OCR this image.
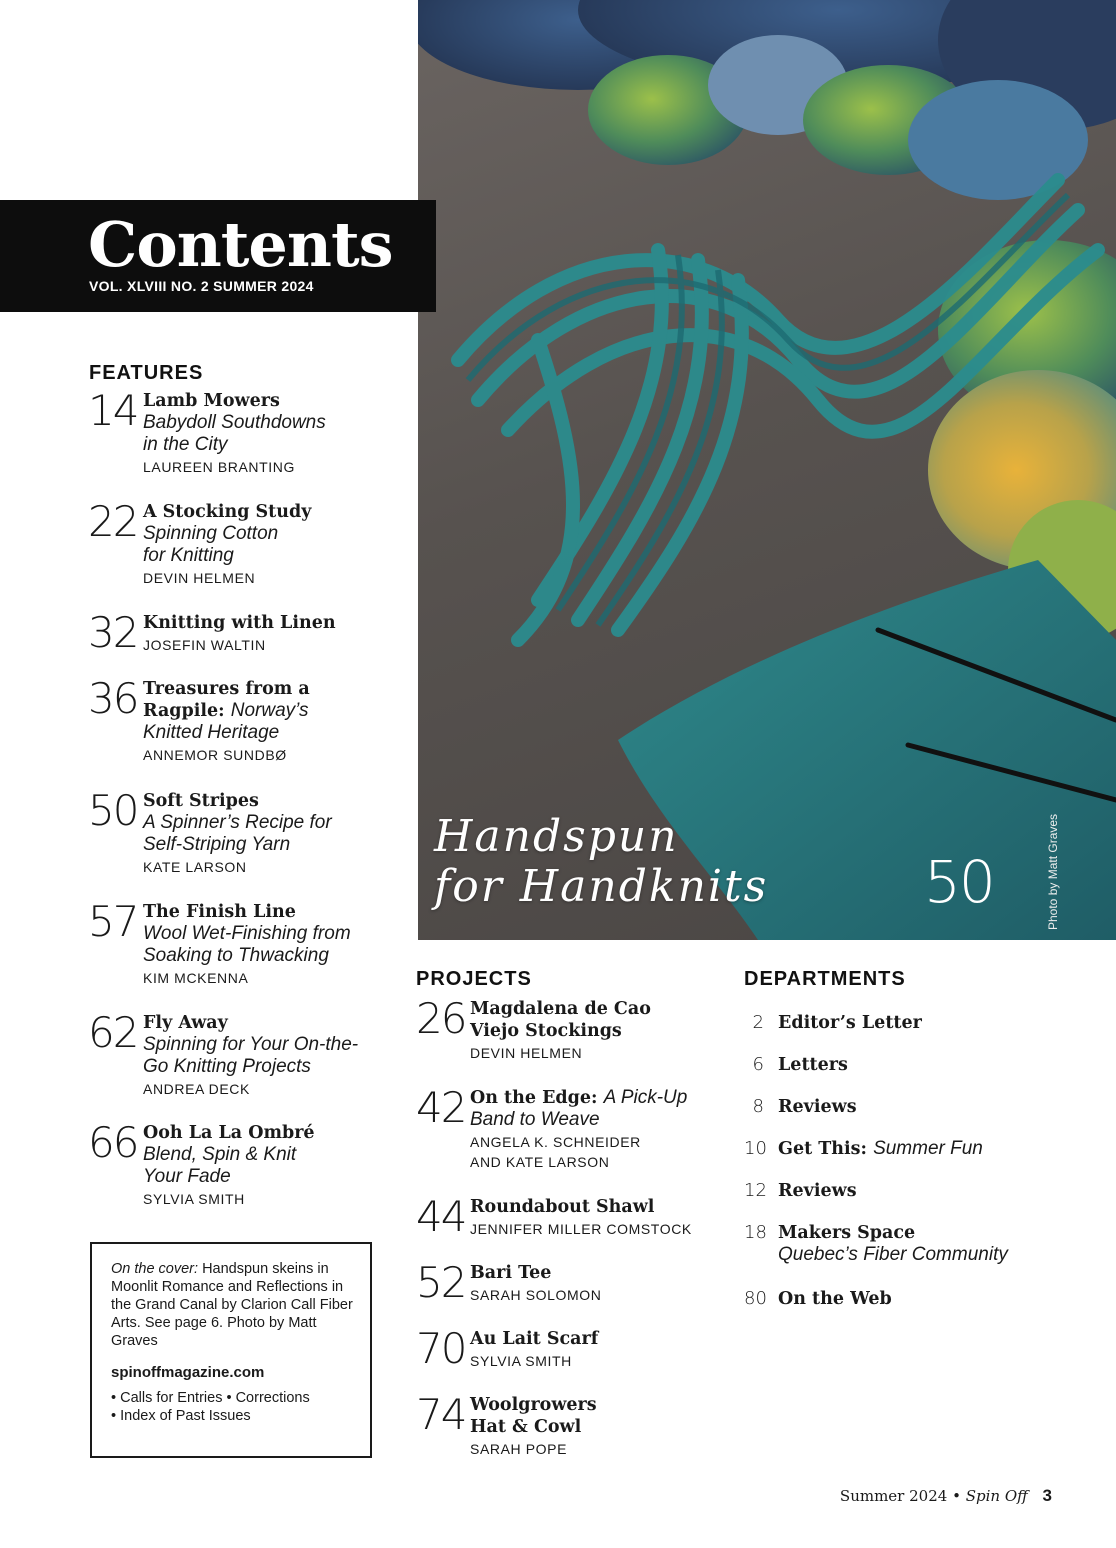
Handspun
for Handknits	50	Photo by Matt Graves
Contents
VOL. XLVIII NO. 2 SUMMER 2024
FEATURES
14 Lamb Mowers
Babydoll Southdowns in the City
LAUREEN BRANTING
22 A Stocking Study
Spinning Cotton for Knitting
DEVIN HELMEN
32 Knitting with Linen
JOSEFIN WALTIN
36 Treasures from a Ragpile: Norway’s Knitted Heritage
ANNEMOR SUNDBØ
50 Soft Stripes
A Spinner’s Recipe for Self-Striping Yarn
KATE LARSON
57 The Finish Line
Wool Wet-Finishing from Soaking to Thwacking
KIM MCKENNA
62 Fly Away
Spinning for Your On-the-Go Knitting Projects
ANDREA DECK
66 Ooh La La Ombré
Blend, Spin & Knit Your Fade
SYLVIA SMITH
On the cover: Handspun skeins in Moonlit Romance and Reflections in the Grand Canal by Clarion Call Fiber Arts. See page 6. Photo by Matt Graves
spinoffmagazine.com
• Calls for Entries • Corrections
• Index of Past Issues
PROJECTS
26 Magdalena de Cao Viejo Stockings
DEVIN HELMEN
42 On the Edge: A Pick-Up Band to Weave
ANGELA K. SCHNEIDER AND KATE LARSON
44 Roundabout Shawl
JENNIFER MILLER COMSTOCK
52 Bari Tee
SARAH SOLOMON
70 Au Lait Scarf
SYLVIA SMITH
74 Woolgrowers Hat & Cowl
SARAH POPE
DEPARTMENTS
2 Editor’s Letter
6 Letters
8 Reviews
10 Get This: Summer Fun
12 Reviews
18 Makers Space
Quebec’s Fiber Community
80 On the Web
Summer 2024 • Spin Off 3
